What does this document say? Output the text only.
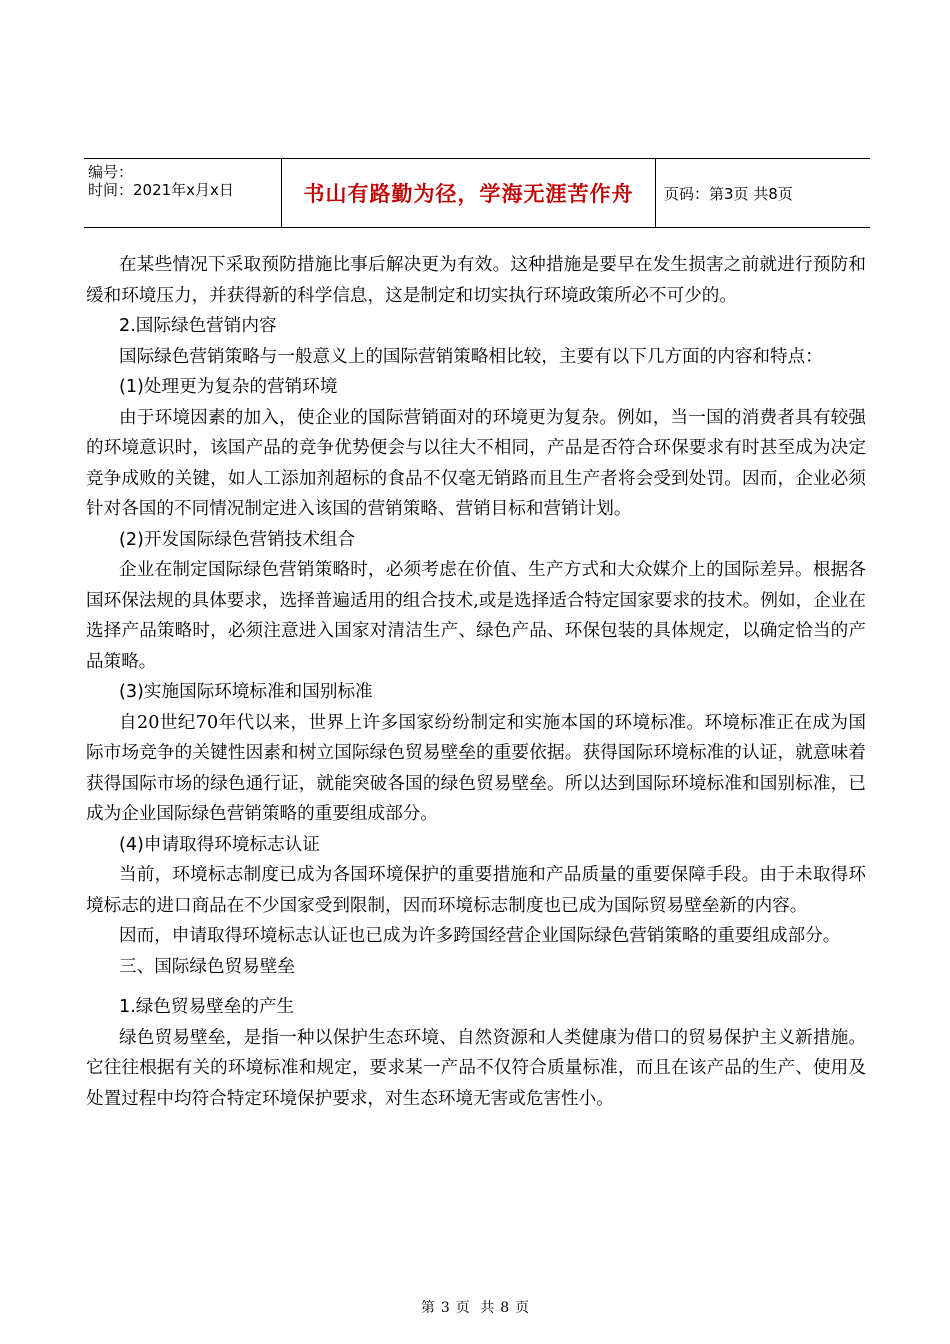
编号：
时间：2021年x月x日	书山有路勤为径，学海无涯苦作舟	页码：第3页 共8页

在某些情况下采取预防措施比事后解决更为有效。这种措施是要早在发生损害之前就进行预防和缓和环境压力，并获得新的科学信息，这是制定和切实执行环境政策所必不可少的。

2.国际绿色营销内容

国际绿色营销策略与一般意义上的国际营销策略相比较，主要有以下几方面的内容和特点：

(1)处理更为复杂的营销环境

由于环境因素的加入，使企业的国际营销面对的环境更为复杂。例如，当一国的消费者具有较强的环境意识时，该国产品的竞争优势便会与以往大不相同，产品是否符合环保要求有时甚至成为决定竞争成败的关键，如人工添加剂超标的食品不仅毫无销路而且生产者将会受到处罚。因而，企业必须针对各国的不同情况制定进入该国的营销策略、营销目标和营销计划。

(2)开发国际绿色营销技术组合

企业在制定国际绿色营销策略时，必须考虑在价值、生产方式和大众媒介上的国际差异。根据各国环保法规的具体要求，选择普遍适用的组合技术,或是选择适合特定国家要求的技术。例如，企业在选择产品策略时，必须注意进入国家对清洁生产、绿色产品、环保包装的具体规定，以确定恰当的产品策略。

(3)实施国际环境标准和国别标准

自20世纪70年代以来，世界上许多国家纷纷制定和实施本国的环境标准。环境标准正在成为国际市场竞争的关键性因素和树立国际绿色贸易壁垒的重要依据。获得国际环境标准的认证，就意味着获得国际市场的绿色通行证，就能突破各国的绿色贸易壁垒。所以达到国际环境标准和国别标准，已成为企业国际绿色营销策略的重要组成部分。

(4)申请取得环境标志认证

当前，环境标志制度已成为各国环境保护的重要措施和产品质量的重要保障手段。由于未取得环境标志的进口商品在不少国家受到限制，因而环境标志制度也已成为国际贸易壁垒新的内容。

因而，申请取得环境标志认证也已成为许多跨国经营企业国际绿色营销策略的重要组成部分。

三、国际绿色贸易壁垒

1.绿色贸易壁垒的产生

绿色贸易壁垒，是指一种以保护生态环境、自然资源和人类健康为借口的贸易保护主义新措施。它往往根据有关的环境标准和规定，要求某一产品不仅符合质量标准，而且在该产品的生产、使用及处置过程中均符合特定环境保护要求，对生态环境无害或危害性小。

第 3 页 共 8 页
